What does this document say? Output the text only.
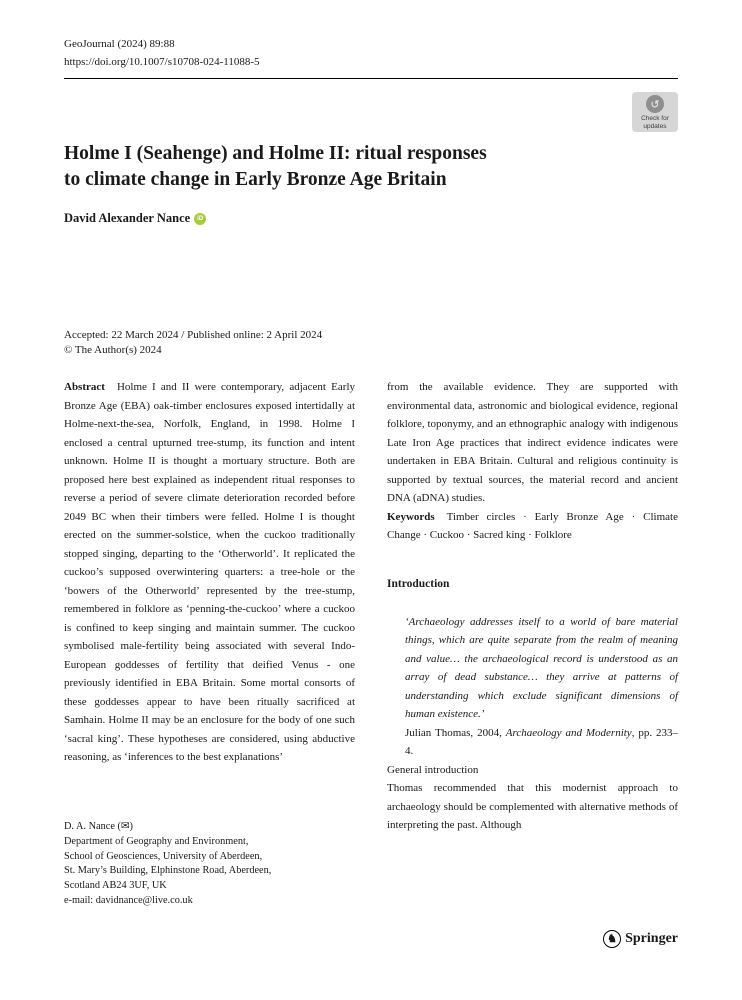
GeoJournal (2024) 89:88
https://doi.org/10.1007/s10708-024-11088-5
↺
Check for
updates
Holme I (Seahenge) and Holme II: ritual responses
to climate change in Early Bronze Age Britain
David Alexander Nance	iD
Accepted: 22 March 2024 / Published online: 2 April 2024
© The Author(s) 2024

Abstract Holme I and II were contemporary, adjacent Early Bronze Age (EBA) oak-timber enclosures exposed intertidally at Holme-next-the-sea, Norfolk, England, in 1998. Holme I enclosed a central upturned tree-stump, its function and intent unknown. Holme II is thought a mortuary structure. Both are proposed here best explained as independent ritual responses to reverse a period of severe climate deterioration recorded before 2049 BC when their timbers were felled. Holme I is thought erected on the summer-solstice, when the cuckoo traditionally stopped singing, departing to the ‘Otherworld’. It replicated the cuckoo’s supposed overwintering quarters: a tree-hole or the ‘bowers of the Otherworld’ represented by the tree-stump, remembered in folklore as ‘penning-the-cuckoo’ where a cuckoo is confined to keep singing and maintain summer. The cuckoo symbolised male-fertility being associated with several Indo-European goddesses of fertility that deified Venus - one previously identified in EBA Britain. Some mortal consorts of these goddesses appear to have been ritually sacrificed at Samhain. Holme II may be an enclosure for the body of one such ‘sacral king’. These hypotheses are considered, using abductive reasoning, as ‘inferences to the best explanations’

from the available evidence. They are supported with environmental data, astronomic and biological evidence, regional folklore, toponymy, and an ethnographic analogy with indigenous Late Iron Age practices that indirect evidence indicates were undertaken in EBA Britain. Cultural and religious continuity is supported by textual sources, the material record and ancient DNA (aDNA) studies.

Keywords Timber circles · Early Bronze Age · Climate Change · Cuckoo · Sacred king · Folklore

Introduction

‘Archaeology addresses itself to a world of bare material things, which are quite separate from the realm of meaning and value… the archaeological record is understood as an array of dead substance… they arrive at patterns of understanding which exclude significant dimensions of human existence.’

Julian Thomas, 2004, Archaeology and Modernity, pp. 233–4.

General introduction

Thomas recommended that this modernist approach to archaeology should be complemented with alternative methods of interpreting the past. Although

D. A. Nance (✉)
Department of Geography and Environment,
School of Geosciences, University of Aberdeen,
St. Mary’s Building, Elphinstone Road, Aberdeen,
Scotland AB24 3UF, UK
e-mail: davidnance@live.co.uk
♞ Springer
